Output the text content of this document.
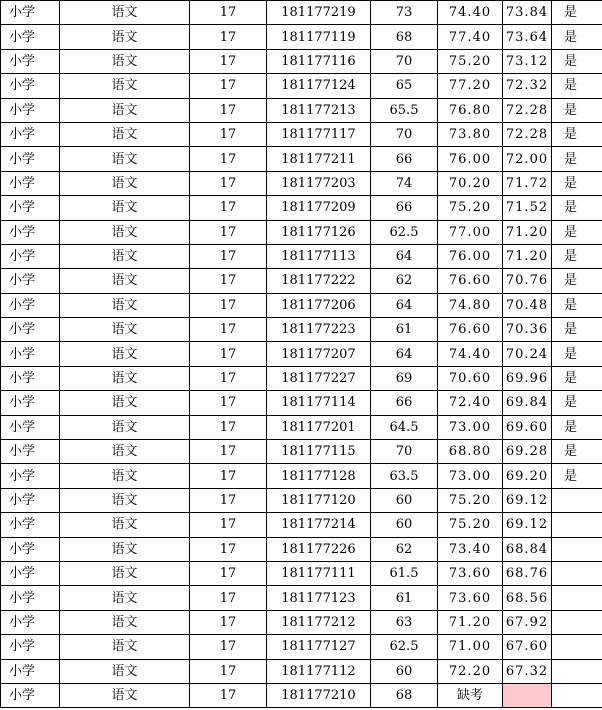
小学	语文	17	181177219	73	74.40	73.84	是
小学	语文	17	181177119	68	77.40	73.64	是
小学	语文	17	181177116	70	75.20	73.12	是
小学	语文	17	181177124	65	77.20	72.32	是
小学	语文	17	181177213	65.5	76.80	72.28	是
小学	语文	17	181177117	70	73.80	72.28	是
小学	语文	17	181177211	66	76.00	72.00	是
小学	语文	17	181177203	74	70.20	71.72	是
小学	语文	17	181177209	66	75.20	71.52	是
小学	语文	17	181177126	62.5	77.00	71.20	是
小学	语文	17	181177113	64	76.00	71.20	是
小学	语文	17	181177222	62	76.60	70.76	是
小学	语文	17	181177206	64	74.80	70.48	是
小学	语文	17	181177223	61	76.60	70.36	是
小学	语文	17	181177207	64	74.40	70.24	是
小学	语文	17	181177227	69	70.60	69.96	是
小学	语文	17	181177114	66	72.40	69.84	是
小学	语文	17	181177201	64.5	73.00	69.60	是
小学	语文	17	181177115	70	68.80	69.28	是
小学	语文	17	181177128	63.5	73.00	69.20	是
小学	语文	17	181177120	60	75.20	69.12	
小学	语文	17	181177214	60	75.20	69.12	
小学	语文	17	181177226	62	73.40	68.84	
小学	语文	17	181177111	61.5	73.60	68.76	
小学	语文	17	181177123	61	73.60	68.56	
小学	语文	17	181177212	63	71.20	67.92	
小学	语文	17	181177127	62.5	71.00	67.60	
小学	语文	17	181177112	60	72.20	67.32	
小学	语文	17	181177210	68	缺考		
